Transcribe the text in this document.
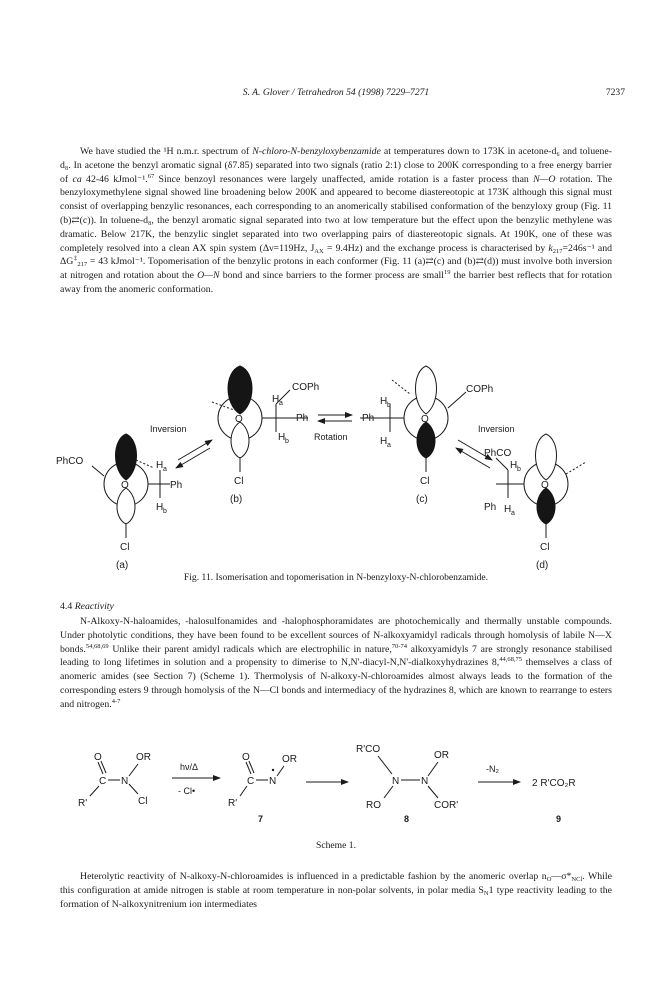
S. A. Glover / Tetrahedron 54 (1998) 7229–7271	7237

We have studied the ¹H n.m.r. spectrum of N-chloro-N-benzyloxybenzamide at temperatures down to 173K in acetone-d₆ and toluene-d₈. In acetone the benzyl aromatic signal (δ7.85) separated into two signals (ratio 2:1) close to 200K corresponding to a free energy barrier of ca 42-46 kJmol⁻¹.$^{67}$ Since benzoyl resonances were largely unaffected, amide rotation is a faster process than N—O rotation. The benzyloxymethylene signal showed line broadening below 200K and appeared to become diastereotopic at 173K although this signal must consist of overlapping benzylic resonances, each corresponding to an anomerically stabilised conformation of the benzyloxy group (Fig. 11 (b)⇄(c)). In toluene-d₈, the benzyl aromatic signal separated into two at low temperature but the effect upon the benzylic methylene was dramatic. Below 217K, the benzylic singlet separated into two overlapping pairs of diastereotopic signals. At 190K, one of these was completely resolved into a clean AX spin system (Δν=119Hz, $J_{AX} = 9.4Hz$) and the exchange process is characterised by $k_{217}=246s^{-1}$ and $\Delta G^\ddagger_{217} = 43$ kJmol⁻¹. Topomerisation of the benzylic protons in each conformer (Fig. 11 (a)⇄(c) and (b)⇄(d)) must involve both inversion at nitrogen and rotation about the O—N bond and since barriers to the former process are small$^{19}$ the barrier best reflects that for rotation away from the anomeric conformation.

O
Cl
(b)
COPh
H a
H b
Ph
Rotation
O
Cl
(c)
Ph
H b
H a
COPh
Inversion	Inversion
O
Cl
(a)
PhCO
Ph
H a
H b
O
Cl
(d)
PhCO
H b
Ph H a
Fig. 11. Isomerisation and topomerisation in N-benzyloxy-N-chlorobenzamide.
4.4 Reactivity

N-Alkoxy-N-haloamides, -halosulfonamides and -halophosphoramidates are photochemically and thermally unstable compounds. Under photolytic conditions, they have been found to be excellent sources of N-alkoxyamidyl radicals through homolysis of labile N—X bonds.$^{54,68,69}$ Unlike their parent amidyl radicals which are electrophilic in nature,$^{70-74}$ alkoxyamidyls 7 are strongly resonance stabilised leading to long lifetimes in solution and a propensity to dimerise to N,N'-diacyl-N,N'-dialkoxyhydrazines 8,$^{44,68,75}$ themselves a class of anomeric amides (see Section 7) (Scheme 1). Thermolysis of N-alkoxy-N-chloroamides almost always leads to the formation of the corresponding esters 9 through homolysis of the N—Cl bonds and intermediacy of the hydrazines 8, which are known to rearrange to esters and nitrogen.$^{4-7}$

O
C N
OR
Cl
R'
hν/Δ
- Cl•
O
C N
OR
R'
7
R'CO
N N
OR
RO	COR'
8
-N₂
2 R'CO₂R
9
Scheme 1.

Heterolytic reactivity of N-alkoxy-N-chloroamides is influenced in a predictable fashion by the anomeric overlap $n_O—\sigma*_{NCl}$. While this configuration at amide nitrogen is stable at room temperature in non-polar solvents, in polar media $S_N1$ type reactivity leading to the formation of N-alkoxynitrenium ion intermediates
